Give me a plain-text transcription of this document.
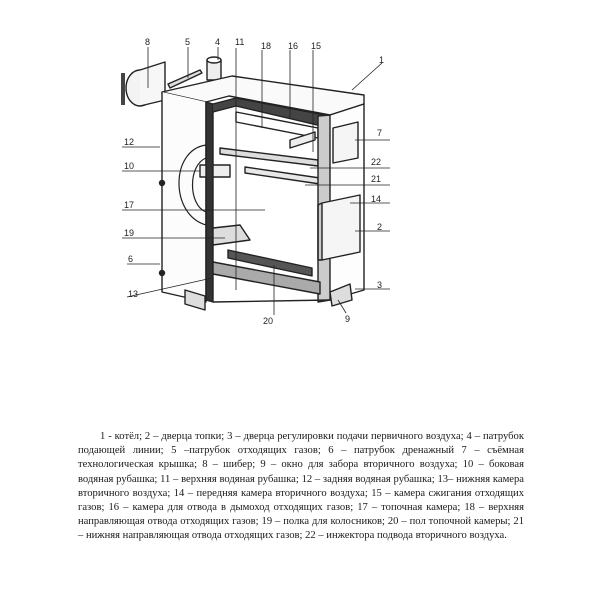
1
2
3
4
5
6
7
8
9
10
11
12
13
14
15
16
17
18
19
20
21
22

1 - котёл; 2 – дверца топки; 3 – дверца регулировки подачи первичного воздуха; 4 – патрубок подающей линии; 5 –патрубок отходящих газов; 6 – патрубок дренажный 7 – съёмная технологическая крышка; 8 – шибер; 9 – окно для забора вторичного воздуха; 10 – боковая водяная рубашка; 11 – верхняя водяная рубашка; 12 – задняя водяная рубашка; 13– нижняя камера вторичного воздуха; 14 – передняя камера вторичного воздуха; 15 – камера сжигания отходящих газов; 16 – камера для отвода в дымоход отходящих газов; 17 – топочная камера; 18 – верхняя направляющая отвода отходящих газов; 19 – полка для колосников; 20 – пол топочной камеры; 21 – нижняя направляющая отвода отходящих газов; 22 – инжектора подвода вторичного воздуха.
